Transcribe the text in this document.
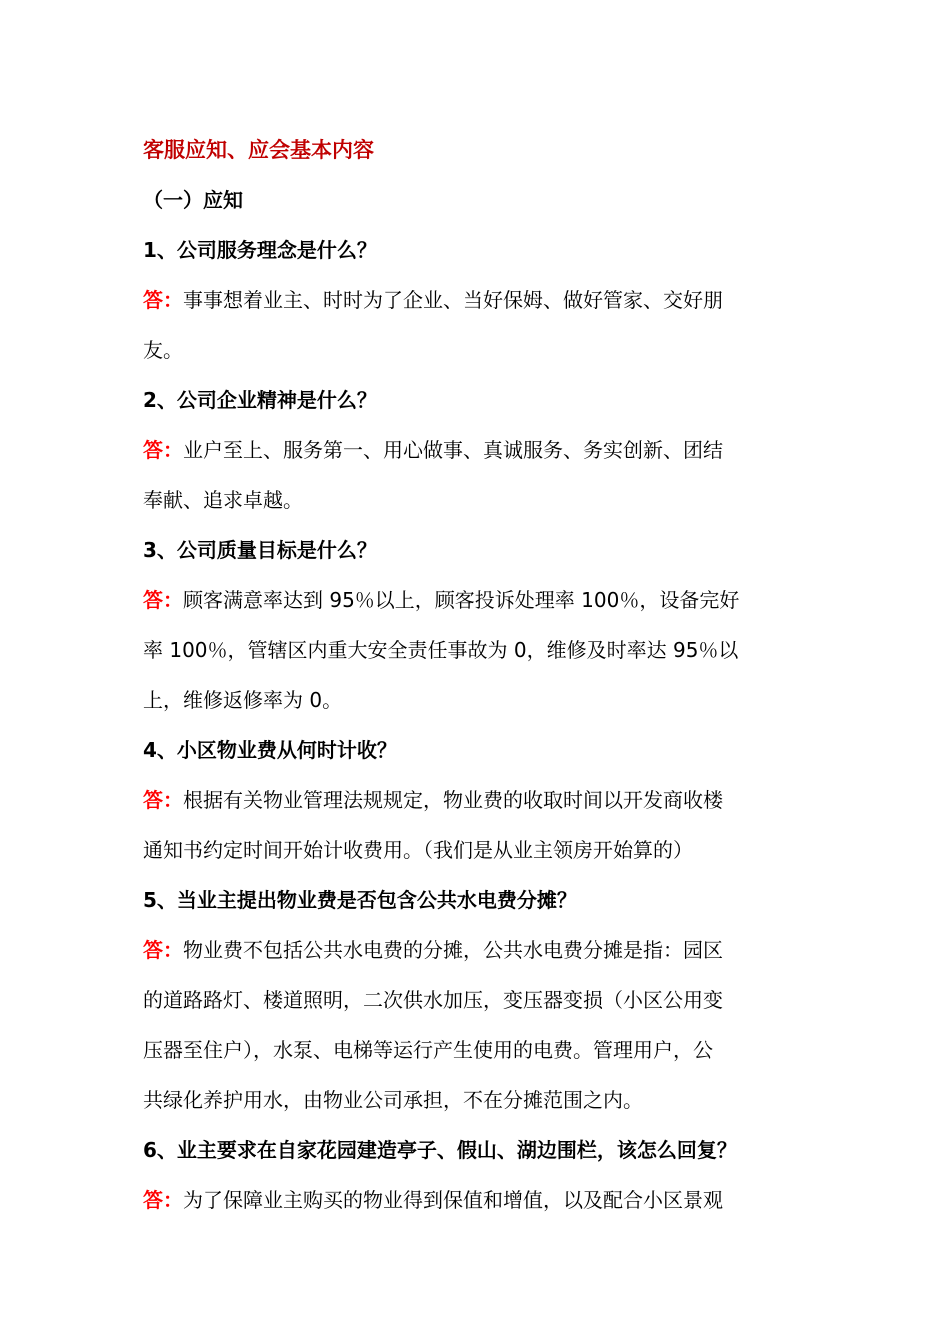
客服应知、应会基本内容
（一）应知
1、公司服务理念是什么？
答：事事想着业主、时时为了企业、当好保姆、做好管家、交好朋
友。
2、公司企业精神是什么？
答：业户至上、服务第一、用心做事、真诚服务、务实创新、团结
奉献、追求卓越。
3、公司质量目标是什么？
答：顾客满意率达到 95％以上，顾客投诉处理率 100％，设备完好
率 100％，管辖区内重大安全责任事故为 0，维修及时率达 95％以
上，维修返修率为 0。
4、小区物业费从何时计收？
答：根据有关物业管理法规规定，物业费的收取时间以开发商收楼
通知书约定时间开始计收费用。（我们是从业主领房开始算的）
5、当业主提出物业费是否包含公共水电费分摊？
答：物业费不包括公共水电费的分摊，公共水电费分摊是指：园区
的道路路灯、楼道照明，二次供水加压，变压器变损（小区公用变
压器至住户），水泵、电梯等运行产生使用的电费。管理用户，公
共绿化养护用水，由物业公司承担，不在分摊范围之内。
6、业主要求在自家花园建造亭子、假山、湖边围栏，该怎么回复？
答：为了保障业主购买的物业得到保值和增值，以及配合小区景观
